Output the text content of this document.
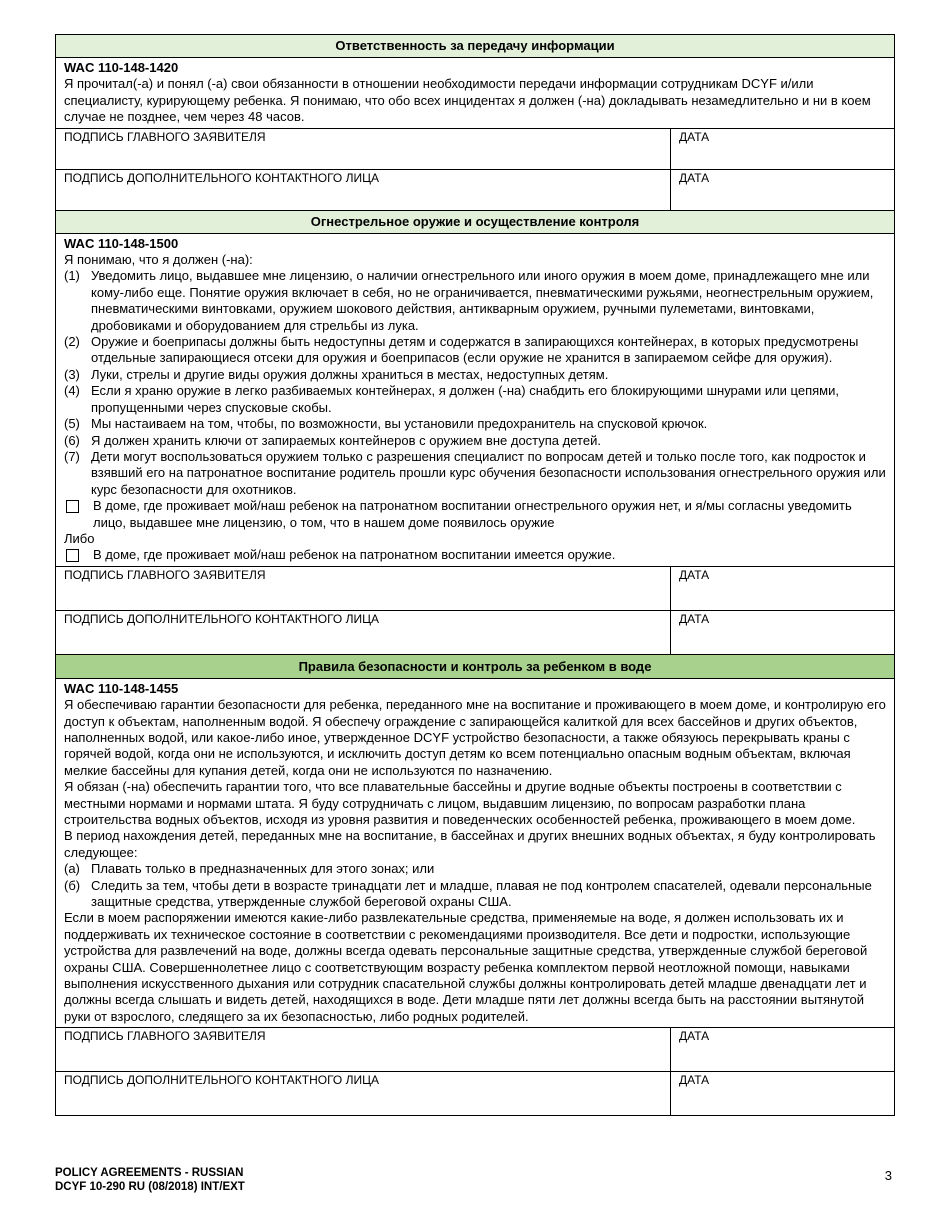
Ответственность за передачу информации
WAC 110-148-1420

Я прочитал(-а) и понял (-а) свои обязанности в отношении необходимости передачи информации сотрудникам DCYF и/или специалисту, курирующему ребенка. Я понимаю, что обо всех инцидентах я должен (-на) докладывать незамедлительно и ни в коем случае не позднее, чем через 48 часов.

ПОДПИСЬ ГЛАВНОГО ЗАЯВИТЕЛЯ	ДАТА
ПОДПИСЬ ДОПОЛНИТЕЛЬНОГО КОНТАКТНОГО ЛИЦА	ДАТА
Огнестрельное оружие и осуществление контроля
WAC 110-148-1500

Я понимаю, что я должен (-на):

(1) Уведомить лицо, выдавшее мне лицензию, о наличии огнестрельного или иного оружия в моем доме, принадлежащего мне или кому-либо еще. Понятие оружия включает в себя, но не ограничивается, пневматическими ружьями, неогнестрельным оружием, пневматическими винтовками, оружием шокового действия, антикварным оружием, ручными пулеметами, винтовками, дробовиками и оборудованием для стрельбы из лука.
(2) Оружие и боеприпасы должны быть недоступны детям и содержатся в запирающихся контейнерах, в которых предусмотрены отдельные запирающиеся отсеки для оружия и боеприпасов (если оружие не хранится в запираемом сейфе для оружия).
(3) Луки, стрелы и другие виды оружия должны храниться в местах, недоступных детям.
(4) Если я храню оружие в легко разбиваемых контейнерах, я должен (-на) снабдить его блокирующими шнурами или цепями, пропущенными через спусковые скобы.
(5) Мы настаиваем на том, чтобы, по возможности, вы установили предохранитель на спусковой крючок.
(6) Я должен хранить ключи от запираемых контейнеров с оружием вне доступа детей.
(7) Дети могут воспользоваться оружием только с разрешения специалист по вопросам детей и только после того, как подросток и взявший его на патронатное воспитание родитель прошли курс обучения безопасности использования огнестрельного оружия или курс безопасности для охотников.
В доме, где проживает мой/наш ребенок на патронатном воспитании огнестрельного оружия нет, и я/мы согласны уведомить лицо, выдавшее мне лицензию, о том, что в нашем доме появилось оружие

Либо

В доме, где проживает мой/наш ребенок на патронатном воспитании имеется оружие.
ПОДПИСЬ ГЛАВНОГО ЗАЯВИТЕЛЯ	ДАТА
ПОДПИСЬ ДОПОЛНИТЕЛЬНОГО КОНТАКТНОГО ЛИЦА	ДАТА
Правила безопасности и контроль за ребенком в воде
WAC 110-148-1455

Я обеспечиваю гарантии безопасности для ребенка, переданного мне на воспитание и проживающего в моем доме, и контролирую его доступ к объектам, наполненным водой. Я обеспечу ограждение с запирающейся калиткой для всех бассейнов и других объектов, наполненных водой, или какое-либо иное, утвержденное DCYF устройство безопасности, а также обязуюсь перекрывать краны с горячей водой, когда они не используются, и исключить доступ детям ко всем потенциально опасным водным объектам, включая мелкие бассейны для купания детей, когда они не используются по назначению.

Я обязан (-на) обеспечить гарантии того, что все плавательные бассейны и другие водные объекты построены в соответствии с местными нормами и нормами штата. Я буду сотрудничать с лицом, выдавшим лицензию, по вопросам разработки плана строительства водных объектов, исходя из уровня развития и поведенческих особенностей ребенка, проживающего в моем доме.

В период нахождения детей, переданных мне на воспитание, в бассейнах и других внешних водных объектах, я буду контролировать следующее:

(а) Плавать только в предназначенных для этого зонах; или
(б) Следить за тем, чтобы дети в возрасте тринадцати лет и младше, плавая не под контролем спасателей, одевали персональные защитные средства, утвержденные службой береговой охраны США.

Если в моем распоряжении имеются какие-либо развлекательные средства, применяемые на воде, я должен использовать их и поддерживать их техническое состояние в соответствии с рекомендациями производителя. Все дети и подростки, использующие устройства для развлечений на воде, должны всегда одевать персональные защитные средства, утвержденные службой береговой охраны США. Совершеннолетнее лицо с соответствующим возрасту ребенка комплектом первой неотложной помощи, навыками выполнения искусственного дыхания или сотрудник спасательной службы должны контролировать детей младше двенадцати лет и должны всегда слышать и видеть детей, находящихся в воде. Дети младше пяти лет должны всегда быть на расстоянии вытянутой руки от взрослого, следящего за их безопасностью, либо родных родителей.

ПОДПИСЬ ГЛАВНОГО ЗАЯВИТЕЛЯ	ДАТА
ПОДПИСЬ ДОПОЛНИТЕЛЬНОГО КОНТАКТНОГО ЛИЦА	ДАТА
POLICY AGREEMENTS - RUSSIAN
DCYF 10-290 RU (08/2018) INT/EXT
3
